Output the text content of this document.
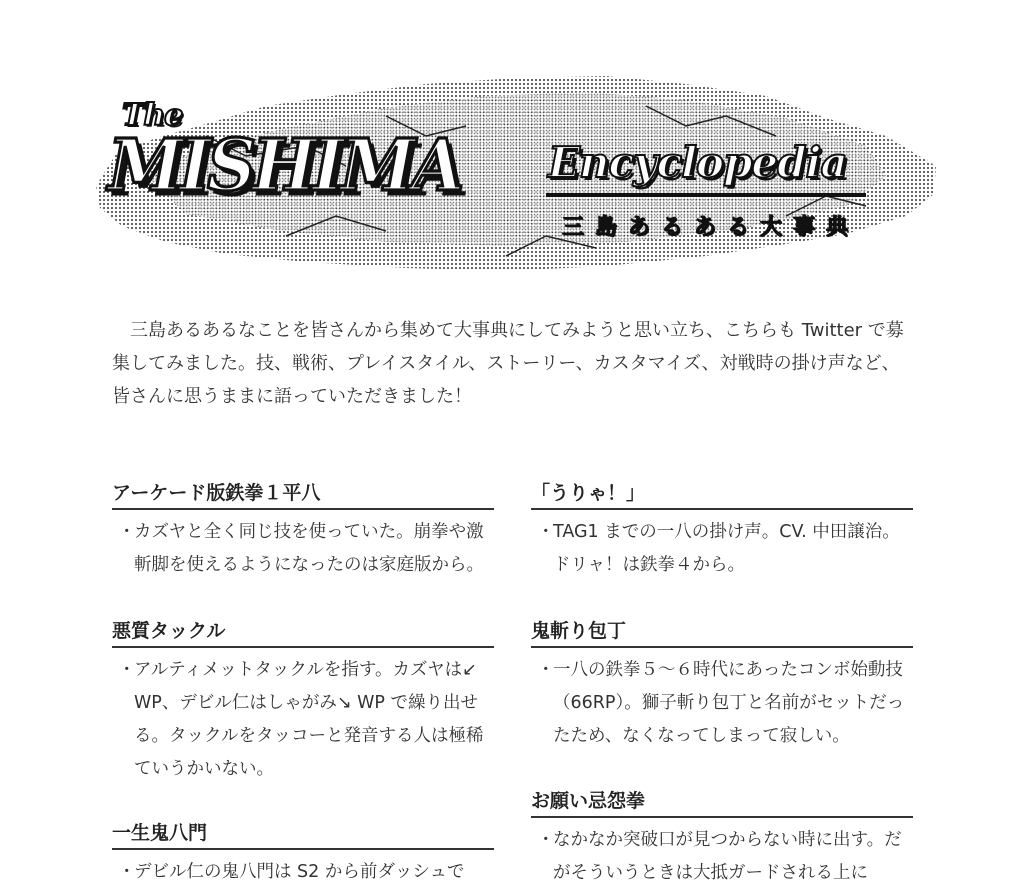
The
MISHIMA Encyclopedia
三島あるある大事典

三島あるあるなことを皆さんから集めて大事典にしてみようと思い立ち、こちらも Twitter で募集してみました。技、戦術、プレイスタイル、ストーリー、カスタマイズ、対戦時の掛け声など、皆さんに思うままに語っていただきました！

アーケード版鉄拳１平八

・カズヤと全く同じ技を使っていた。崩拳や激斬脚を使えるようになったのは家庭版から。

悪質タックル

・アルティメットタックルを指す。カズヤは↙ WP、デビル仁はしゃがみ↘ WP で繰り出せる。タックルをタッコーと発音する人は極稀ていうかいない。

一生鬼八門

・デビル仁の鬼八門は S2 から前ダッシュで

「うりゃ！」

・TAG1 までの一八の掛け声。CV. 中田譲治。ドリャ！は鉄拳４から。

鬼斬り包丁

・一八の鉄拳５～６時代にあったコンボ始動技（66RP）。獅子斬り包丁と名前がセットだったため、なくなってしまって寂しい。

お願い忌怨拳

・なかなか突破口が見つからない時に出す。だがそういうときは大抵ガードされる上に
